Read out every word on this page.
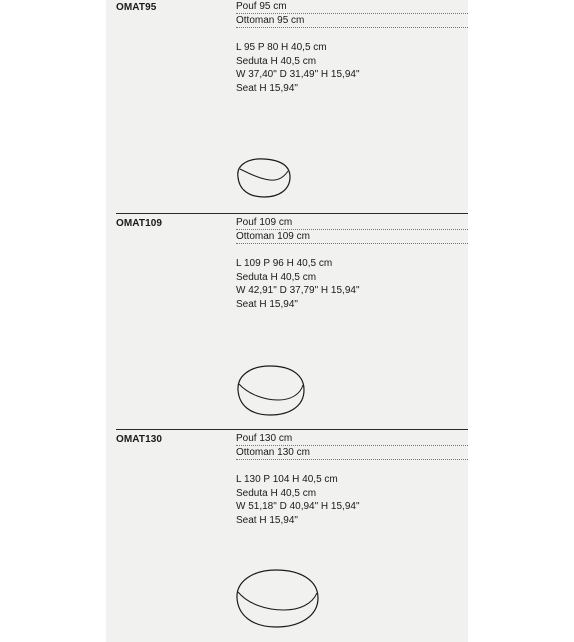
OMAT95	Pouf 95 cm
Ottoman 95 cm
L 95 P 80 H 40,5 cm
Seduta H 40,5 cm
W 37,40" D 31,49" H 15,94"
Seat H 15,94"
OMAT109	Pouf 109 cm
Ottoman 109 cm
L 109 P 96 H 40,5 cm
Seduta H 40,5 cm
W 42,91" D 37,79" H 15,94"
Seat H 15,94"
OMAT130	Pouf 130 cm
Ottoman 130 cm
L 130 P 104 H 40,5 cm
Seduta H 40,5 cm
W 51,18" D 40,94" H 15,94"
Seat H 15,94"
